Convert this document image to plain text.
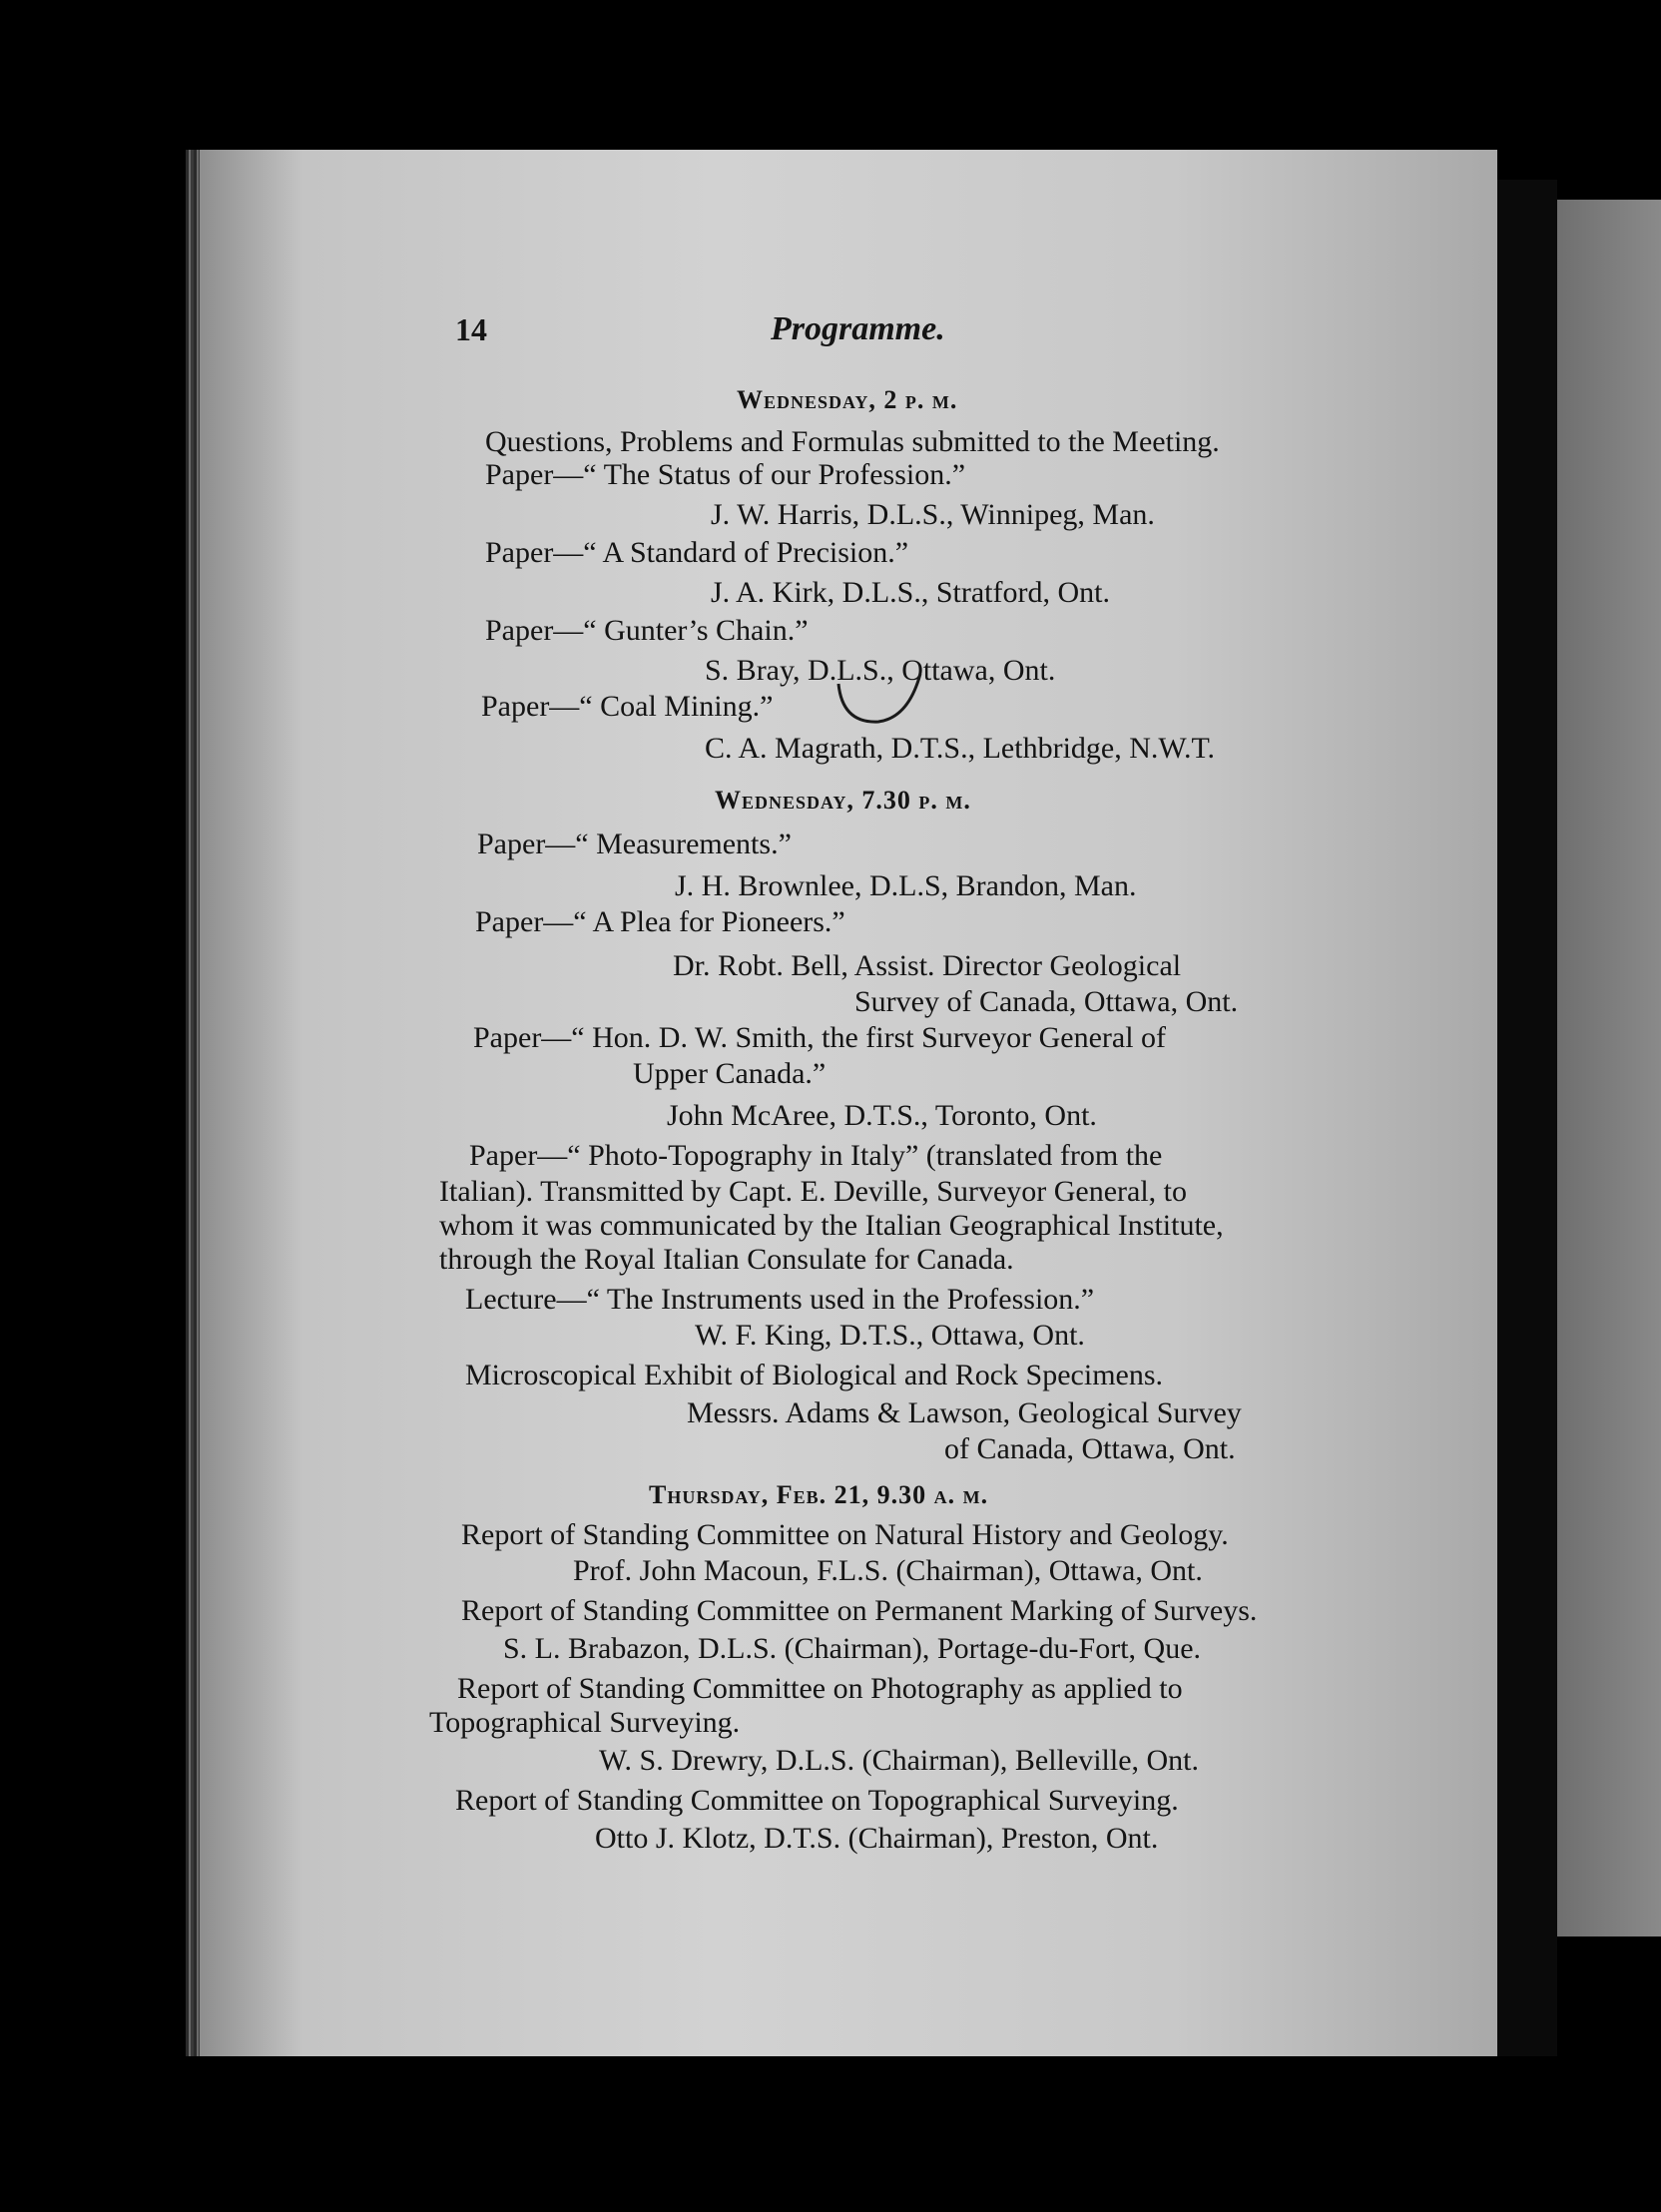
14	Programme.
Wednesday, 2 p. m.
Questions, Problems and Formulas submitted to the Meeting.
Paper—“ The Status of our Profession.”
J. W. Harris, D.L.S., Winnipeg, Man.
Paper—“ A Standard of Precision.”
J. A. Kirk, D.L.S., Stratford, Ont.
Paper—“ Gunter’s Chain.”
S. Bray, D.L.S., Ottawa, Ont.
Paper—“ Coal Mining.”
C. A. Magrath, D.T.S., Lethbridge, N.W.T.
Wednesday, 7.30 p. m.
Paper—“ Measurements.”
J. H. Brownlee, D.L.S, Brandon, Man.
Paper—“ A Plea for Pioneers.”
Dr. Robt. Bell, Assist. Director Geological
Survey of Canada, Ottawa, Ont.
Paper—“ Hon. D. W. Smith, the first Surveyor General of
Upper Canada.”
John McAree, D.T.S., Toronto, Ont.
Paper—“ Photo-Topography in Italy” (translated from the
Italian). Transmitted by Capt. E. Deville, Surveyor General, to
whom it was communicated by the Italian Geographical Institute,
through the Royal Italian Consulate for Canada.
Lecture—“ The Instruments used in the Profession.”
W. F. King, D.T.S., Ottawa, Ont.
Microscopical Exhibit of Biological and Rock Specimens.
Messrs. Adams & Lawson, Geological Survey
of Canada, Ottawa, Ont.
Thursday, Feb. 21, 9.30 a. m.
Report of Standing Committee on Natural History and Geology.
Prof. John Macoun, F.L.S. (Chairman), Ottawa, Ont.
Report of Standing Committee on Permanent Marking of Surveys.
S. L. Brabazon, D.L.S. (Chairman), Portage-du-Fort, Que.
Report of Standing Committee on Photography as applied to
Topographical Surveying.
W. S. Drewry, D.L.S. (Chairman), Belleville, Ont.
Report of Standing Committee on Topographical Surveying.
Otto J. Klotz, D.T.S. (Chairman), Preston, Ont.
